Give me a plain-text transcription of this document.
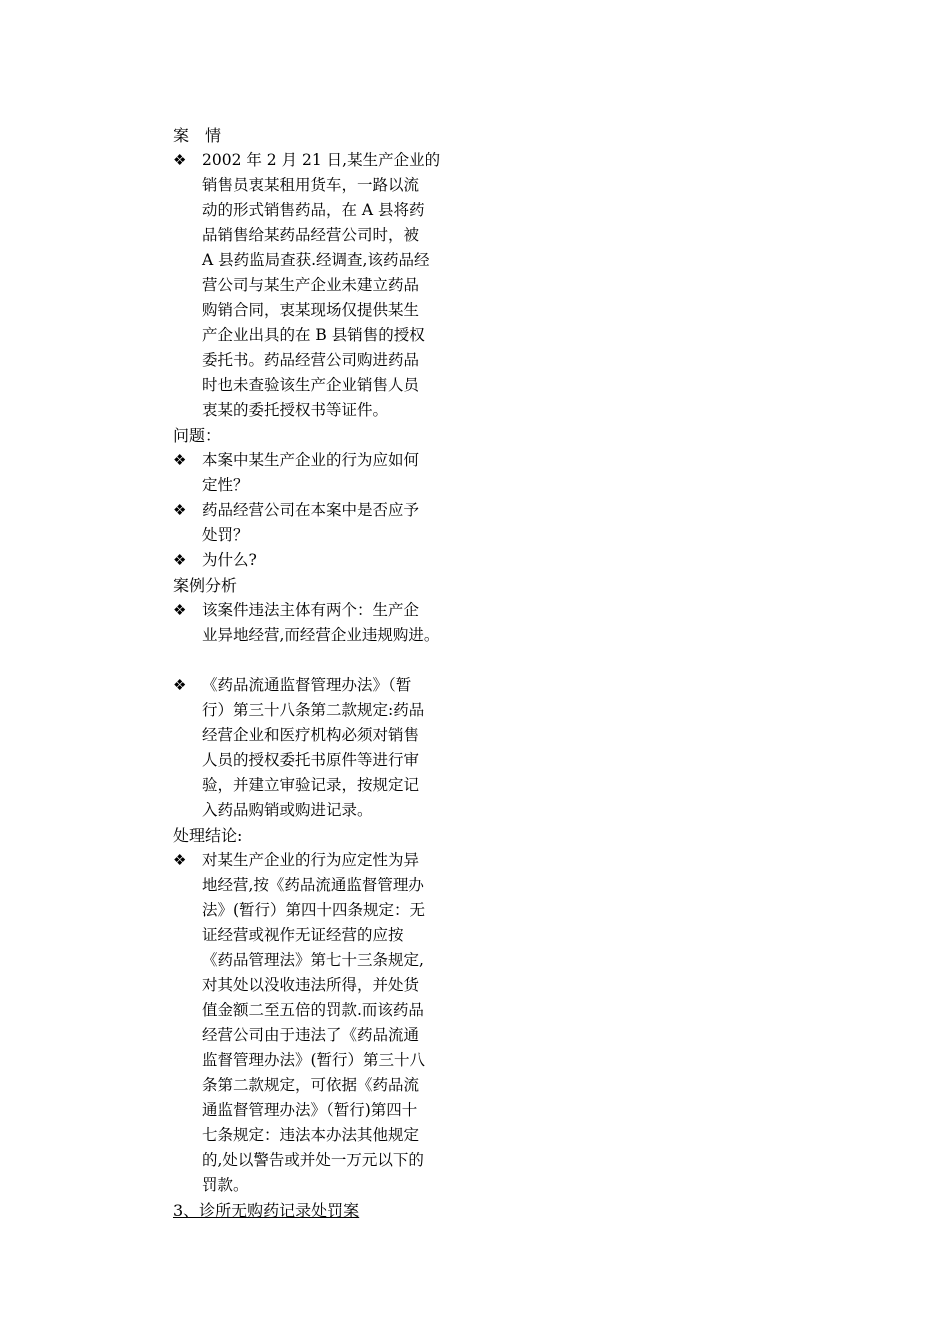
案　情
❖ 2002 年 2 月 21 日,某生产企业的
销售员衷某租用货车，一路以流
动的形式销售药品，在 A 县将药
品销售给某药品经营公司时，被
A 县药监局查获.经调查,该药品经
营公司与某生产企业未建立药品
购销合同，衷某现场仅提供某生
产企业出具的在 B 县销售的授权
委托书。药品经营公司购进药品
时也未查验该生产企业销售人员
衷某的委托授权书等证件。
问题：
❖ 本案中某生产企业的行为应如何
定性？
❖ 药品经营公司在本案中是否应予
处罚？
❖ 为什么?
案例分析
❖ 该案件违法主体有两个：生产企
业异地经营,而经营企业违规购进。
❖ 《药品流通监督管理办法》（暂
行）第三十八条第二款规定:药品
经营企业和医疗机构必须对销售
人员的授权委托书原件等进行审
验，并建立审验记录，按规定记
入药品购销或购进记录。
处理结论:
❖ 对某生产企业的行为应定性为异
地经营,按《药品流通监督管理办
法》(暂行）第四十四条规定：无
证经营或视作无证经营的应按
《药品管理法》第七十三条规定,
对其处以没收违法所得，并处货
值金额二至五倍的罚款.而该药品
经营公司由于违法了《药品流通
监督管理办法》(暂行）第三十八
条第二款规定，可依据《药品流
通监督管理办法》（暂行)第四十
七条规定：违法本办法其他规定
的,处以警告或并处一万元以下的
罚款。
3、诊所无购药记录处罚案
